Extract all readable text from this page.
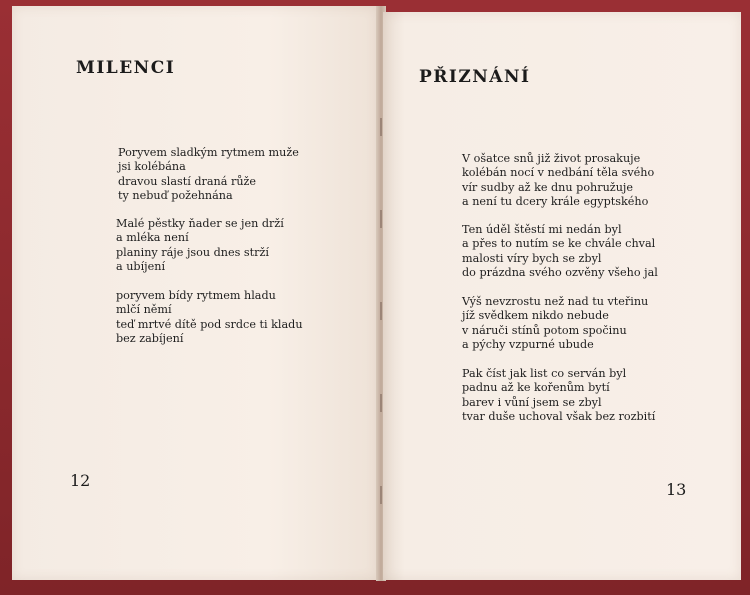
MILENCI
Poryvem sladkým rytmem muže
jsi kolébána
dravou slastí draná růže
ty nebuď požehnána
Malé pěstky ňader se jen drží
a mléka není
planiny ráje jsou dnes strží
a ubíjení
poryvem bídy rytmem hladu
mlčí němí
teď mrtvé dítě pod srdce ti kladu
bez zabíjení
12
PŘIZNÁNÍ
V ošatce snů již život prosakuje
kolébán nocí v nedbání těla svého
vír sudby až ke dnu pohružuje
a není tu dcery krále egyptského
Ten úděl štěstí mi nedán byl
a přes to nutím se ke chvále chval
malosti víry bych se zbyl
do prázdna svého ozvěny všeho jal
Výš nevzrostu než nad tu vteřinu
jíž svědkem nikdo nebude
v náruči stínů potom spočinu
a pýchy vzpurné ubude
Pak číst jak list co serván byl
padnu až ke kořenům bytí
barev i vůní jsem se zbyl
tvar duše uchoval však bez rozbití
13
